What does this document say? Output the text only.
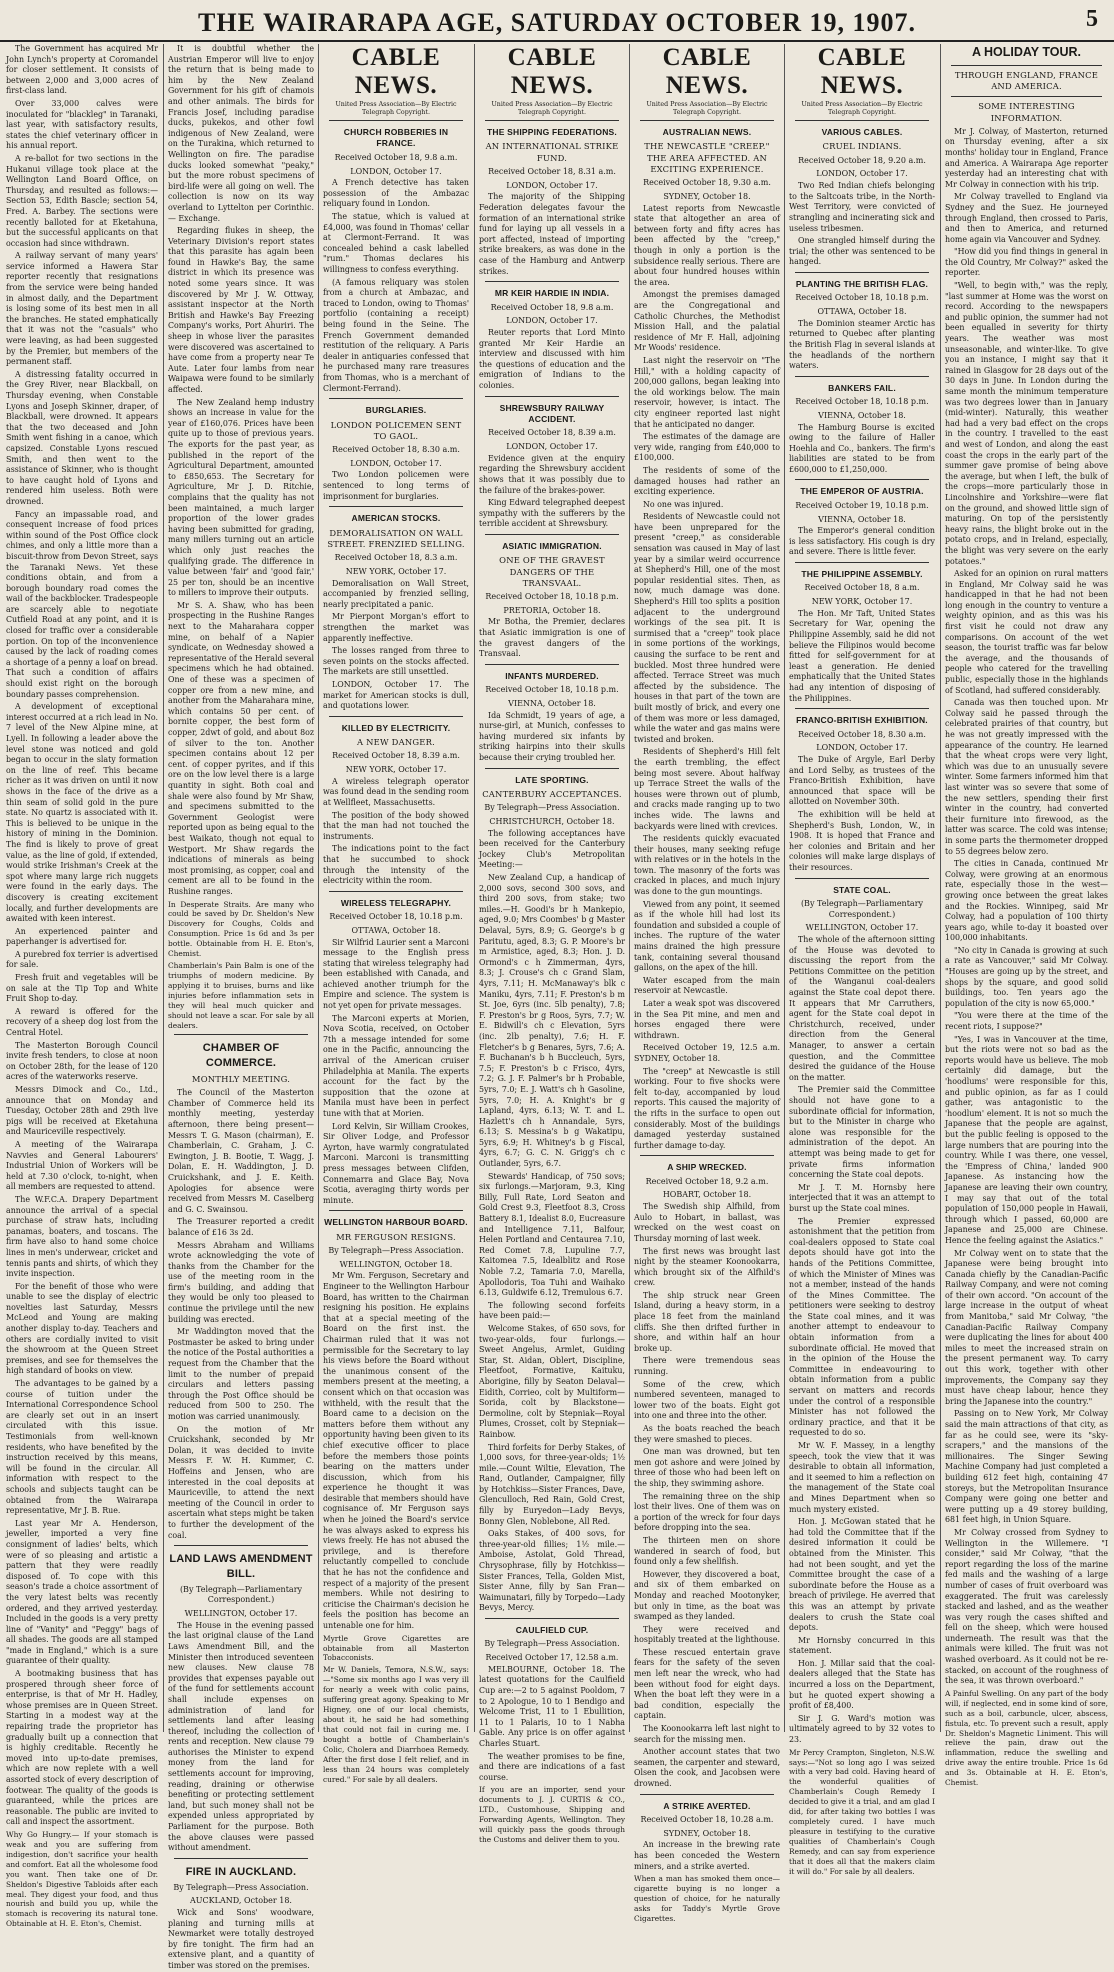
THE WAIRARAPA AGE, SATURDAY OCTOBER 19, 1907.	5

The Government has acquired Mr John Lynch's property at Coromandel for closer settlement. It consists of between 2,000 and 3,000 acres of first-class land.

Over 33,000 calves were inoculated for "blackleg" in Taranaki, last year, with satisfactory results, states the chief veterinary officer in his annual report.

A re-ballot for two sections in the Hukanui village took place at the Wellington Land Board Office, on Thursday, and resulted as follows:— Section 53, Edith Bascle; section 54, Fred. A. Barbey. The sections were recently balloted for at Eketahuna, but the successful applicants on that occasion had since withdrawn.

A railway servant of many years' service informed a Hawera Star reporter recently that resignations from the service were being handed in almost daily, and the Department is losing some of its best men in all the branches. He stated emphatically that it was not the "casuals" who were leaving, as had been suggested by the Premier, but members of the permanent staff.

A distressing fatality occurred in the Grey River, near Blackball, on Thursday evening, when Constable Lyons and Joseph Skinner, draper, of Blackball, were drowned. It appears that the two deceased and John Smith went fishing in a canoe, which capsized. Constable Lyons rescued Smith, and then went to the assistance of Skinner, who is thought to have caught hold of Lyons and rendered him useless. Both were drowned.

Fancy an impassable road, and consequent increase of food prices within sound of the Post Office clock chimes, and only a little more than a biscuit-throw from Devon Street, says the Taranaki News. Yet these conditions obtain, and from a borough boundary road comes the wail of the backblocker. Tradespeople are scarcely able to negotiate Cutfield Road at any point, and it is closed for traffic over a considerable portion. On top of the inconvenience caused by the lack of roading comes a shortage of a penny a loaf on bread. That such a condition of affairs should exist right on the borough boundary passes comprehension.

A development of exceptional interest occurred at a rich lead in No. 7 level of the New Alpine mine, at Lyell. In following a leader above the level stone was noticed and gold began to occur in the slaty formation on the line of reef. This became richer as it was driven on until it now shows in the face of the drive as a thin seam of solid gold in the pure state. No quartz is associated with it. This is believed to be unique in the history of mining in the Dominion. The find is likely to prove of great value, as the line of gold, if extended, would strike Irishman's Creek at the spot where many large rich nuggets were found in the early days. The discovery is creating excitement locally, and further developments are awaited with keen interest.

An experienced painter and paperhanger is advertised for.

A purebred fox terrier is advertised for sale.

Fresh fruit and vegetables will be on sale at the Tip Top and White Fruit Shop to-day.

A reward is offered for the recovery of a sheep dog lost from the Central Hotel.

The Masterton Borough Council invite fresh tenders, to close at noon on October 28th, for the lease of 120 acres of the waterworks reserve.

Messrs Dimock and Co., Ltd., announce that on Monday and Tuesday, October 28th and 29th live pigs will be received at Eketahuna and Mauriceville respectively.

A meeting of the Wairarapa Navvies and General Labourers' Industrial Union of Workers will be held at 7.30 o'clock, to-night, when all members are requested to attend.

The W.F.C.A. Drapery Department announce the arrival of a special purchase of straw hats, including panamas, boaters, and toscans. The firm have also to hand some choice lines in men's underwear, cricket and tennis pants and shirts, of which they invite inspection.

For the benefit of those who were unable to see the display of electric novelties last Saturday, Messrs McLeod and Young are making another display to-day. Teachers and others are cordially invited to visit the showroom at the Queen Street premises, and see for themselves the high standard of books on view.

The advantages to be gained by a course of tuition under the International Correspondence School are clearly set out in an insert circulated with this issue. Testimonials from well-known residents, who have benefited by the instruction received by this means, will be found in the circular. All information with respect to the schools and subjects taught can be obtained from the Wairarapa representative, Mr J. B. Rue.

Last year Mr A. Henderson, jeweller, imported a very fine consignment of ladies' belts, which were of so pleasing and artistic a pattern that they were readily disposed of. To cope with this season's trade a choice assortment of the very latest belts was recently ordered, and they arrived yesterday. Included in the goods is a very pretty line of "Vanity" and "Peggy" bags of all shades. The goods are all stamped "made in England," which is a sure guarantee of their quality.

A bootmaking business that has prospered through sheer force of enterprise, is that of Mr H. Hadley, whose premises are in Queen Street. Starting in a modest way at the repairing trade the proprietor has gradually built up a connection that is highly creditable. Recently he moved into up-to-date premises, which are now replete with a well assorted stock of every description of footwear. The quality of the goods is guaranteed, while the prices are reasonable. The public are invited to call and inspect the assortment.

Why Go Hungry.— If your stomach is weak and you are suffering from indigestion, don't sacrifice your health and comfort. Eat all the wholesome food you want. Then take one of Dr. Sheldon's Digestive Tabloids after each meal. They digest your food, and thus nourish and build you up, while the stomach is recovering its natural tone. Obtainable at H. E. Eton's, Chemist.

It is doubtful whether the Austrian Emperor will live to enjoy the return that is being made to him by the New Zealand Government for his gift of chamois and other animals. The birds for Francis Josef, including paradise ducks, pukekos, and other fowl indigenous of New Zealand, were on the Turakina, which returned to Wellington on fire. The paradise ducks looked somewhat "peaky," but the more robust specimens of bird-life were all going on well. The collection is now on its way overland to Lyttelton per Corinthic.— Exchange.

Regarding flukes in sheep, the Veterinary Division's report states that this parasite has again been found in Hawke's Bay, the same district in which its presence was noted some years since. It was discovered by Mr J. W. Ottway, assistant inspector at the North British and Hawke's Bay Freezing Company's works, Port Ahuriri. The sheep in whose liver the parasites were discovered was ascertained to have come from a property near Te Aute. Later four lambs from near Waipawa were found to be similarly affected.

The New Zealand hemp industry shows an increase in value for the year of £160,076. Prices have been quite up to those of previous years. The exports for the past year, as published in the report of the Agricultural Department, amounted to £850,653. The Secretary for Agriculture, Mr J. D. Ritchie, complains that the quality has not been maintained, a much larger proportion of the lower grades having been submitted for grading, many millers turning out an article which only just reaches the qualifying grade. The difference in value between 'fair' and 'good fair,' 25 per ton, should be an incentive to millers to improve their outputs.

Mr S. A. Shaw, who has been prospecting in the Rushine Ranges next to the Maharahara copper mine, on behalf of a Napier syndicate, on Wednesday showed a representative of the Herald several specimens which he had obtained. One of these was a specimen of copper ore from a new mine, and another from the Maharahara mine, which contains 50 per cent. of bornite copper, the best form of copper, 2dwt of gold, and about 8oz of silver to the ton. Another specimen contains about 12 per cent. of copper pyrites, and if this ore on the low level there is a large quantity in sight. Both coal and shale were also found by Mr Shaw, and specimens submitted to the Government Geologist were reported upon as being equal to the best Waikato, though not equal to Westport. Mr Shaw regards the indications of minerals as being most promising, as copper, coal and cement are all to be found in the Rushine ranges.

In Desperate Straits. Are many who could be saved by Dr. Sheldon's New Discovery for Coughs, Colds and Consumption. Price 1s 6d and 3s per bottle. Obtainable from H. E. Eton's, Chemist.

Chamberlain's Pain Balm is one of the triumphs of modern medicine. By applying it to bruises, burns and like injuries before inflammation sets in they will heal much quicker and should not leave a scar. For sale by all dealers.

CHAMBER OF COMMERCE.
MONTHLY MEETING.

The Council of the Masterton Chamber of Commerce held its monthly meeting, yesterday afternoon, there being present—Messrs T. G. Mason (chairman), E. Chamberlain, C. Graham, J. C. Ewington, J. B. Bootie, T. Wagg, J. Dolan, E. H. Waddington, J. D. Cruickshank, and J. E. Keith. Apologies for absence were received from Messrs M. Caselberg and G. C. Swainsou.

The Treasurer reported a credit balance of £16 3s 2d.

Messrs Abraham and Williams wrote acknowledging the vote of thanks from the Chamber for the use of the meeting room in the firm's building, and adding that they would be only too pleased to continue the privilege until the new building was erected.

Mr Waddington moved that the Postmaster be asked to bring under the notice of the Postal authorities a request from the Chamber that the limit to the number of prepaid circulars and letters passing through the Post Office should be reduced from 500 to 250. The motion was carried unanimously.

On the motion of Mr Cruickshank, seconded by Mr Dolan, it was decided to invite Messrs F. W. H. Kummer, C. Hoffeins and Jensen, who are interested in the coal deposits at Mauriceville, to attend the next meeting of the Council in order to ascertain what steps might be taken to further the development of the coal.

LAND LAWS AMENDMENT BILL.
(By Telegraph—Parliamentary Correspondent.)
WELLINGTON, October 17.

The House in the evening passed the last original clause of the Land Laws Amendment Bill, and the Minister then introduced seventeen new clauses. New clause 78 provides that expenses payable out of the fund for settlements account shall include expenses on administration of land for settlements land after leasing thereof, including the collection of rents and reception. New clause 79 authorises the Minister to expend money from the land for settlements account for improving, reading, draining or otherwise benefiting or protecting settlement land, but such money shall not be expended unless appropriated by Parliament for the purpose. Both the above clauses were passed without amendment.

FIRE IN AUCKLAND.
By Telegraph—Press Association.
AUCKLAND, October 18.

Wick and Sons' woodware, planing and turning mills at Newmarket were totally destroyed by fire tonight. The firm had an extensive plant, and a quantity of timber was stored on the premises.

CABLE NEWS.
United Press Association—By Electric Telegraph Copyright.
CHURCH ROBBERIES IN FRANCE.
Received October 18, 9.8 a.m.
LONDON, October 17.

A French detective has taken possession of the Ambazac reliquary found in London.

The statue, which is valued at £4,000, was found in Thomas' cellar at Clermont-Ferrand. It was concealed behind a cask labelled "rum." Thomas declares his willingness to confess everything.

(A famous reliquary was stolen from a church at Ambazac, and traced to London, owing to Thomas' portfolio (containing a receipt) being found in the Seine. The French Government demanded restitution of the reliquary. A Paris dealer in antiquaries confessed that he purchased many rare treasures from Thomas, who is a merchant of Clermont-Ferrand).

BURGLARIES.
LONDON POLICEMEN SENT TO GAOL.
Received October 18, 8.30 a.m.
LONDON, October 17.

Two London policemen were sentenced to long terms of imprisonment for burglaries.

AMERICAN STOCKS.
DEMORALISATION ON WALL STREET. FRENZIED SELLING.
Received October 18, 8.3 a.m.
NEW YORK, October 17.

Demoralisation on Wall Street, accompanied by frenzied selling, nearly precipitated a panic.

Mr Pierpont Morgan's effort to strengthen the market was apparently ineffective.

The losses ranged from three to seven points on the stocks affected. The markets are still unsettled.

LONDON, October 17. The market for American stocks is dull, and quotations lower.

KILLED BY ELECTRICITY.
A NEW DANGER.
Received October 18, 8.39 a.m.
NEW YORK, October 17.

A wireless telegraph operator was found dead in the sending room at Wellfleet, Massachusetts.

The position of the body showed that the man had not touched the instruments.

The indications point to the fact that he succumbed to shock through the intensity of the electricity within the room.

WIRELESS TELEGRAPHY.
Received October 18, 10.18 p.m.
OTTAWA, October 18.

Sir Wilfrid Laurier sent a Marconi message to the English press stating that wireless telegraphy had been established with Canada, and achieved another triumph for the Empire and science. The system is not yet open for private messages.

The Marconi experts at Morien, Nova Scotia, received, on October 7th a message intended for some one in the Pacific, announcing the arrival of the American cruiser Philadelphia at Manila. The experts account for the fact by the supposition that the ozone at Manila must have been in perfect tune with that at Morien.

Lord Kelvin, Sir William Crookes, Sir Oliver Lodge, and Professor Ayrton, have warmly congratulated Marconi. Marconi is transmitting press messages between Clifden, Connemarra and Glace Bay, Nova Scotia, averaging thirty words per minute.

WELLINGTON HARBOUR BOARD.
MR FERGUSON RESIGNS.
By Telegraph—Press Association.
WELLINGTON, October 18.

Mr Wm. Ferguson, Secretary and Engineer to the Wellington Harbour Board, has written to the Chairman resigning his position. He explains that at a special meeting of the Board on the first inst. the Chairman ruled that it was not permissible for the Secretary to lay his views before the Board without the unanimous consent of the members present at the meeting, a consent which on that occasion was withheld, with the result that the Board came to a decision on the matters before them without any opportunity having been given to its chief executive officer to place before the members those points bearing on the matters under discussion, which from his experience he thought it was desirable that members should have cognisance of. Mr Ferguson says when he joined the Board's service he was always asked to express his views freely. He has not abused the privilege, and is therefore reluctantly compelled to conclude that he has not the confidence and respect of a majority of the present members. While not desiring to criticise the Chairman's decision he feels the position has become an untenable one for him.

Myrtle Grove Cigarettes are obtainable from all Masterton Tobacconists.

Mr W. Daniels, Temora, N.S.W., says:—"Some six months ago I was very ill for nearly a week with colic pains, suffering great agony. Speaking to Mr Higney, one of our local chemists, about it, he said he had something that could not fail in curing me. I bought a bottle of Chamberlain's Colic, Cholera and Diarrhoea Remedy. After the first dose I felt relief, and in less than 24 hours was completely cured." For sale by all dealers.

CABLE NEWS.
United Press Association—By Electric Telegraph Copyright.
THE SHIPPING FEDERATIONS.
AN INTERNATIONAL STRIKE FUND.
Received October 18, 8.31 a.m.
LONDON, October 17.

The majority of the Shipping Federation delegates favour the formation of an international strike fund for laying up all vessels in a port affected, instead of importing strike breakers, as was done in the case of the Hamburg and Antwerp strikes.

MR KEIR HARDIE IN INDIA.
Received October 18, 9.8 a.m.
LONDON, October 17.

Reuter reports that Lord Minto granted Mr Keir Hardie an interview and discussed with him the questions of education and the emigration of Indians to the colonies.

SHREWSBURY RAILWAY ACCIDENT.
Received October 18, 8.39 a.m.
LONDON, October 17.

Evidence given at the enquiry regarding the Shrewsbury accident shows that it was possibly due to the failure of the brakes-power.

King Edward telegraphed deepest sympathy with the sufferers by the terrible accident at Shrewsbury.

ASIATIC IMMIGRATION.
ONE OF THE GRAVEST DANGERS OF THE TRANSVAAL.
Received October 18, 10.18 p.m.
PRETORIA, October 18.

Mr Botha, the Premier, declares that Asiatic immigration is one of the gravest dangers of the Transvaal.

INFANTS MURDERED.
Received October 18, 10.18 p.m.
VIENNA, October 18.

Ida Schmidt, 19 years of age, a nurse-girl, at Munich, confesses to having murdered six infants by striking hairpins into their skulls because their crying troubled her.

LATE SPORTING.
CANTERBURY ACCEPTANCES.
By Telegraph—Press Association.
CHRISTCHURCH, October 18.

The following acceptances have been received for the Canterbury Jockey Club's Metropolitan Meeting:—

New Zealand Cup, a handicap of 2,000 sovs, second 300 sovs, and third 200 sovs, from stake; two miles.—H. Goodi's br h Mankepio, aged, 9.0; Mrs Coombes' b g Master Delaval, 5yrs, 8.9; G. George's b g Paritutu, aged, 8.3; G. P. Moore's br m Armistice, aged, 8.3; Hon. J. D. Ormond's c h Zimmerman, 4yrs, 8.3; J. Crouse's ch c Grand Slam, 4yrs, 7.11; H. McManaway's blk c Maniku, 4yrs, 7.11; F. Preston's b m St. Joe, 6yrs (inc. 5lb penalty), 7.8; F. Preston's br g Roos, 5yrs, 7.7; W. E. Bidwill's ch c Elevation, 5yrs (inc. 2lb penalty), 7.6; H. F. Fletcher's b g Benares, 5yrs, 7.6; A. F. Buchanan's b h Buccleuch, 5yrs, 7.5; F. Preston's b c Frisco, 4yrs, 7.2; G. J. F. Palmer's br h Probable, 5yrs, 7.0; E. J. Watt's ch h Gasoline, 5yrs, 7.0; H. A. Knight's br g Lapland, 4yrs, 6.13; W. T. and L. Hazlett's ch h Annandale, 5yrs, 6.13; S. Messina's b g Wakatipu, 5yrs, 6.9; H. Whitney's b g Fiscal, 4yrs, 6.7; G. C. N. Grigg's ch c Outlander, 5yrs, 6.7.

Stewards' Handicap, of 750 sovs; six furlongs.—Marjoram, 9.3, King Billy, Full Rate, Lord Seaton and Gold Crest 9.3, Fleetfoot 8.3, Cross Battery 8.1, Idealist 8.0, Eucreasure and Intelligence 7.11, Balfour, Helen Portland and Centaurea 7.10, Red Comet 7.8, Lupuline 7.7, Kaitomea 7.5, Idealblitz and Rose Noble 7.2, Tamaria 7.0, Marella, Apollodoris, Toa Tuhi and Waihako 6.13, Guldwife 6.12, Tremulous 6.7.

The following second forfeits have been paid:—

Welcome Stakes, of 650 sovs, for two-year-olds, four furlongs.—Sweet Angelus, Armlet, Guiding Star, St. Aidan, Oblert, Discipline, Fleetfoot, Formative, Kaituku, Aborigine, filly by Seaton Delaval—Eidith, Corrieo, colt by Multiform—Sorida, colt by Blackstone—Dermoline, colt by Stepniak—Royal Plumes, Crosset, colt by Stepniak—Rainbow.

Third forfeits for Derby Stakes, of 1,000 sovs, for three-year-olds; 1½ mile.—Count Wiltie, Elevation, The Rand, Outlander, Campaigner, filly by Hotchkiss—Sister Frances, Dave, Glenculloch, Red Rain, Gold Crest, filly by Euryedon—Lady Bevys, Bonny Glen, Noblebone, All Red.

Oaks Stakes, of 400 sovs, for three-year-old fillies; 1½ mile.—Amboise, Astolat, Gold Thread, Chrysophrase, filly by Hotchkiss—Sister Frances, Tella, Golden Mist, Sister Anne, filly by San Fran—Waimunatari, filly by Torpedo—Lady Bevys, Mercy.

CAULFIELD CUP.
By Telegraph—Press Association.
Received October 17, 12.58 a.m.

MELBOURNE, October 18. The latest quotations for the Caulfield Cup are:—2 to 5 against Pooldom, 7 to 2 Apologue, 10 to 1 Bendigo and Welcome Trist, 11 to 1 Ebullition, 11 to 1 Palaris, 10 to 1 Nabha Gable. Any price is on offer against Charles Stuart.

The weather promises to be fine, and there are indications of a fast course.

If you are an importer, send your documents to J. J. CURTIS & CO., LTD., Customhouse, Shipping and Forwarding Agents, Wellington. They will quickly pass the goods through the Customs and deliver them to you.

CABLE NEWS.
United Press Association—By Electric Telegraph Copyright.
AUSTRALIAN NEWS.
THE NEWCASTLE "CREEP." THE AREA AFFECTED. AN EXCITING EXPERIENCE.
Received October 18, 9.30 a.m.
SYDNEY, October 18.

Latest reports from Newcastle state that altogether an area of between forty and fifty acres has been affected by the "creep," though in only a portion is the subsidence really serious. There are about four hundred houses within the area.

Amongst the premises damaged are the Congregational and Catholic Churches, the Methodist Mission Hall, and the palatial residence of Mr F. Hall, adjoining Mr Woods' residence.

Last night the reservoir on "The Hill," with a holding capacity of 200,000 gallons, began leaking into the old workings below. The main reservoir, however, is intact. The city engineer reported last night that he anticipated no danger.

The estimates of the damage are very wide, ranging from £40,000 to £100,000.

The residents of some of the damaged houses had rather an exciting experience.

No one was injured.

Residents of Newcastle could not have been unprepared for the present "creep," as considerable sensation was caused in May of last year by a similar weird occurrence at Shepherd's Hill, one of the most popular residential sites. Then, as now, much damage was done. Shepherd's Hill too splits a position adjacent to the underground workings of the sea pit. It is surmised that a "creep" took place in some portions of the workings, causing the surface to be rent and buckled. Most three hundred were affected. Terrace Street was much affected by the subsidence. The houses in that part of the town are built mostly of brick, and every one of them was more or less damaged, while the water and gas mains were twisted and broken.

Residents of Shepherd's Hill felt the earth trembling, the effect being most severe. About halfway up Terrace Street the walls of the houses were thrown out of plumb, and cracks made ranging up to two inches wide. The lawns and backyards were lined with crevices.

The residents quickly evacuated their houses, many seeking refuge with relatives or in the hotels in the town. The masonry of the forts was cracked in places, and much injury was done to the gun mountings.

Viewed from any point, it seemed as if the whole hill had lost its foundation and subsided a couple of inches. The rupture of the water mains drained the high pressure tank, containing several thousand gallons, on the apex of the hill.

Water escaped from the main reservoir at Newcastle.

Later a weak spot was discovered in the Sea Pit mine, and men and horses engaged there were withdrawn.

Received October 19, 12.5 a.m. SYDNEY, October 18.

The "creep" at Newcastle is still working. Four to five shocks were felt to-day, accompanied by loud reports. This caused the majority of the rifts in the surface to open out considerably. Most of the buildings damaged yesterday sustained further damage to-day.

A SHIP WRECKED.
Received October 18, 9.2 a.m.
HOBART, October 18.

The Swedish ship Alfhild, from Aulo to Hobart, in ballast, was wrecked on the west coast on Thursday morning of last week.

The first news was brought last night by the steamer Koonookarra, which brought six of the Alfhild's crew.

The ship struck near Green Island, during a heavy storm, in a place 18 feet from the mainland cliffs. She then drifted further in shore, and within half an hour broke up.

There were tremendous seas running.

Some of the crew, which numbered seventeen, managed to lower two of the boats. Eight got into one and three into the other.

As the boats reached the beach they were smashed to pieces.

One man was drowned, but ten men got ashore and were joined by three of those who had been left on the ship, they swimming ashore.

The remaining three on the ship lost their lives. One of them was on a portion of the wreck for four days before dropping into the sea.

The thirteen men on shore wandered in search of food, but found only a few shellfish.

However, they discovered a boat, and six of them embarked on Monday and reached Mootonyker, but only in time, as the boat was swamped as they landed.

They were received and hospitably treated at the lighthouse.

These rescued entertain grave fears for the safety of the seven men left near the wreck, who had been without food for eight days. When the boat left they were in a bad condition, especially the captain.

The Koonookarra left last night to search for the missing men.

Another account states that two seamen, the carpenter and steward, Olsen the cook, and Jacobsen were drowned.

A STRIKE AVERTED.
Received October 18, 10.28 a.m.
SYDNEY, October 18.

An increase in the brewing rate has been conceded the Western miners, and a strike averted.

When a man has smoked them once—cigarette buying is no longer a question of choice, for he naturally asks for Taddy's Myrtle Grove Cigarettes.

CABLE NEWS.
United Press Association—By Electric Telegraph Copyright.
VARIOUS CABLES.
CRUEL INDIANS.
Received October 18, 9.20 a.m.
LONDON, October 17.

Two Red Indian chiefs belonging to the Saltcoats tribe, in the North-West Territory, were convicted of strangling and incinerating sick and useless tribesmen.

One strangled himself during the trial; the other was sentenced to be hanged.

PLANTING THE BRITISH FLAG.
Received October 18, 10.18 p.m.
OTTAWA, October 18.

The Dominion steamer Arctic has returned to Quebec after planting the British Flag in several islands at the headlands of the northern waters.

BANKERS FAIL.
Received October 18, 10.18 p.m.
VIENNA, October 18.

The Hamburg Bourse is excited owing to the failure of Haller Hoehla and Co., bankers. The firm's liabilities are stated to be from £600,000 to £1,250,000.

THE EMPEROR OF AUSTRIA.
Received October 19, 10.18 p.m.
VIENNA, October 18.

The Emperor's general condition is less satisfactory. His cough is dry and severe. There is little fever.

THE PHILIPPINE ASSEMBLY.
Received October 18, 8 a.m.
NEW YORK, October 17.

The Hon. Mr Taft, United States Secretary for War, opening the Philippine Assembly, said he did not believe the Filipinos would become fitted for self-government for at least a generation. He denied emphatically that the United States had any intention of disposing of the Philippines.

FRANCO-BRITISH EXHIBITION.
Received October 18, 8.30 a.m.
LONDON, October 17.

The Duke of Argyle, Earl Derby and Lord Selby, as trustees of the Franco-British Exhibition, have announced that space will be allotted on November 30th.

The exhibition will be held at Shepherd's Bush, London, W., in 1908. It is hoped that France and her colonies and Britain and her colonies will make large displays of their resources.

STATE COAL.
(By Telegraph—Parliamentary Correspondent.)
WELLINGTON, October 17.

The whole of the afternoon sitting of the House was devoted to discussing the report from the Petitions Committee on the petition of the Wanganui coal-dealers against the State coal depot there. It appears that Mr Carruthers, agent for the State coal depot in Christchurch, received, under direction from the General Manager, to answer a certain question, and the Committee desired the guidance of the House on the matter.

The Premier said the Committee should not have gone to a subordinate official for information, but to the Minister in charge who alone was responsible for the administration of the depot. An attempt was being made to get for private firms information concerning the State coal depots.

Mr J. T. M. Hornsby here interjected that it was an attempt to burst up the State coal mines.

The Premier expressed astonishment that the petition from coal-dealers opposed to State coal depots should have got into the hands of the Petitions Committee, of which the Minister of Mines was not a member, instead of the hands of the Mines Committee. The petitioners were seeking to destroy the State coal mines, and it was another attempt to endeavour to obtain information from a subordinate official. He moved that in the opinion of the House the Committee in endeavouring to obtain information from a public servant on matters and records under the control of a responsible Minister has not followed the ordinary practice, and that it be requested to do so.

Mr W. F. Massey, in a lengthy speech, took the view that it was desirable to obtain all information, and it seemed to him a reflection on the management of the State coal and Mines Department when so much mystery existed.

Hon. J. McGowan stated that he had told the Committee that if the desired information it could be obtained from the Minister. This had not been sought, and yet the Committee brought the case of a subordinate before the House as a breach of privilege. He averred that this was an attempt by private dealers to crush the State coal depots.

Mr Hornsby concurred in this statement.

Hon. J. Millar said that the coal-dealers alleged that the State has incurred a loss on the Department, but he quoted expert showing a profit of £8,400.

Sir J. G. Ward's motion was ultimately agreed to by 32 votes to 23.

Mr Percy Crampton, Singleton, N.S.W. says:—"Not so long ago I was seized with a very bad cold. Having heard of the wonderful qualities of Chamberlain's Cough Remedy I decided to give it a trial, and am glad I did, for after taking two bottles I was completely cured. I have much pleasure in testifying to the curative qualities of Chamberlain's Cough Remedy, and can say from experience that it does all that the makers claim it will do." For sale by all dealers.

A HOLIDAY TOUR.
THROUGH ENGLAND, FRANCE AND AMERICA.
SOME INTERESTING INFORMATION.

Mr J. Colway, of Masterton, returned on Thursday evening, after a six months' holiday tour in England, France and America. A Wairarapa Age reporter yesterday had an interesting chat with Mr Colway in connection with his trip.

Mr Colway travelled to England via Sydney and the Suez. He journeyed through England, then crossed to Paris, and then to America, and returned home again via Vancouver and Sydney.

"How did you find things in general in the Old Country, Mr Colway?" asked the reporter.

"Well, to begin with," was the reply, "last summer at Home was the worst on record. According to the newspapers and public opinion, the summer had not been equalled in severity for thirty years. The weather was most unseasonable, and winter-like. To give you an instance, I might say that it rained in Glasgow for 28 days out of the 30 days in June. In London during the same month the minimum temperature was two degrees lower than in January (mid-winter). Naturally, this weather had had a very bad effect on the crops in the country. I travelled to the east and west of London, and along the east coast the crops in the early part of the summer gave promise of being above the average, but when I left, the bulk of the crops—more particularly those in Lincolnshire and Yorkshire—were flat on the ground, and showed little sign of maturing. On top of the persistently heavy rains, the blight broke out in the potato crops, and in Ireland, especially, the blight was very severe on the early potatoes."

Asked for an opinion on rural matters in England, Mr Colway said he was handicapped in that he had not been long enough in the country to venture a weighty opinion, and as this was his first visit he could not draw any comparisons. On account of the wet season, the tourist traffic was far below the average, and the thousands of people who catered for the travelling public, especially those in the highlands of Scotland, had suffered considerably.

Canada was then touched upon. Mr Colway said he passed through the celebrated prairies of that country, but he was not greatly impressed with the appearance of the country. He learned that the wheat crops were very light, which was due to an unusually severe winter. Some farmers informed him that last winter was so severe that some of the new settlers, spending their first winter in the country, had converted their furniture into firewood, as the latter was scarce. The cold was intense; in some parts the thermometer dropped to 55 degrees below zero.

The cities in Canada, continued Mr Colway, were growing at an enormous rate, especially those in the west—growing once between the great lakes and the Rockies. Winnipeg, said Mr Colway, had a population of 100 thirty years ago, while to-day it boasted over 100,000 inhabitants.

"No city in Canada is growing at such a rate as Vancouver," said Mr Colway. "Houses are going up by the street, and shops by the square, and good solid buildings, too. Ten years ago the population of the city is now 65,000."

"You were there at the time of the recent riots, I suppose?"

"Yes, I was in Vancouver at the time, but the riots were not so bad as the reports would have us believe. The mob certainly did damage, but the 'hoodlums' were responsible for this, and public opinion, as far as I could gather, was antagonistic to the 'hoodlum' element. It is not so much the Japanese that the people are against, but the public feeling is opposed to the large numbers that are pouring into the country. While I was there, one vessel, the 'Empress of China,' landed 900 Japanese. As instancing how the Japanese are leaving their own country, I may say that out of the total population of 150,000 people in Hawaii, through which I passed, 60,000 are Japanese and 25,000 are Chinese. Hence the feeling against the Asiatics."

Mr Colway went on to state that the Japanese were being brought into Canada chiefly by the Canadian-Pacific Railway Company, and were not coming of their own accord. "On account of the large increase in the output of wheat from Manitoba," said Mr Colway, "the Canadian-Pacific Railway Company were duplicating the lines for about 400 miles to meet the increased strain on the present permanent way. To carry out this work, together with other improvements, the Company say they must have cheap labour, hence they bring the Japanese into the country."

Passing on to New York, Mr Colway said the main attractions of that city, as far as he could see, were its "sky-scrapers," and the mansions of the millionaires. The Singer Sewing Machine Company had just completed a building 612 feet high, containing 47 storeys, but the Metropolitan Insurance Company were going one better and were putting up a 49 storey building, 681 feet high, in Union Square.

Mr Colway crossed from Sydney to Wellington in the Willemere. "I consider," said Mr Colway, "that the report regarding the loss of the marine fed mails and the washing of a large number of cases of fruit overboard was exaggerated. The fruit was carelessly stacked and lashed, and as the weather was very rough the cases shifted and fell on the sheep, which were housed underneath. The result was that the animals were killed. The fruit was not washed overboard. As it could not be re-stacked, on account of the roughness of the sea, it was thrown overboard."

A Painful Swelling. On any part of the body will, if neglected, end in some kind of sore, such as a boil, carbuncle, ulcer, abscess, fistula, etc. To prevent such a result, apply Dr. Sheldon's Magnetic Liniment. This will relieve the pain, draw out the inflammation, reduce the swelling and drive away the entire trouble. Price 1s 6d and 3s. Obtainable at H. E. Eton's, Chemist.
